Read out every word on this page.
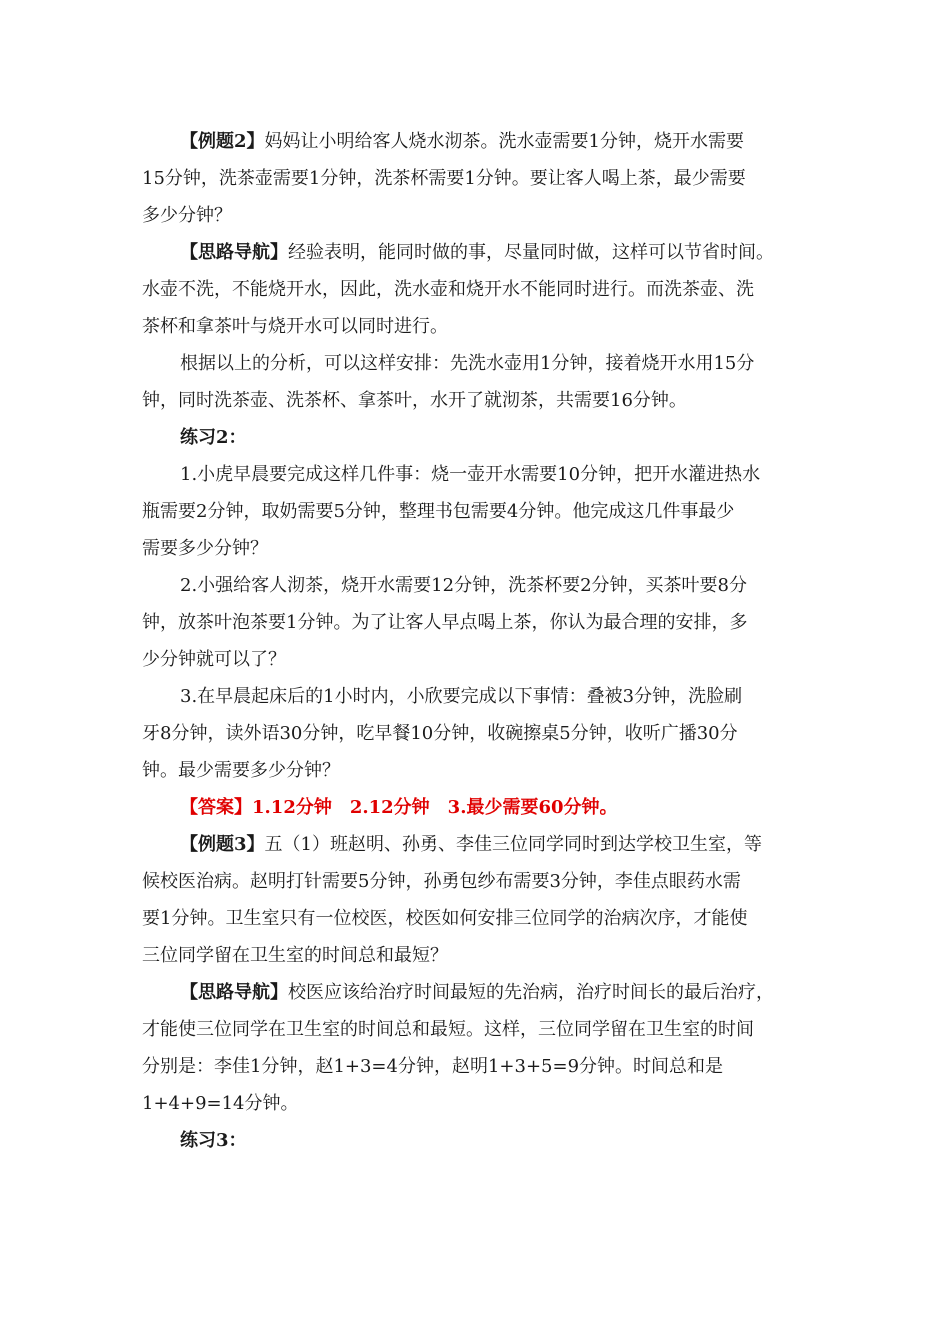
【例题2】妈妈让小明给客人烧水沏茶。洗水壶需要1分钟，烧开水需要
15分钟，洗茶壶需要1分钟，洗茶杯需要1分钟。要让客人喝上茶，最少需要
多少分钟？

【思路导航】经验表明，能同时做的事，尽量同时做，这样可以节省时间。
水壶不洗，不能烧开水，因此，洗水壶和烧开水不能同时进行。而洗茶壶、洗
茶杯和拿茶叶与烧开水可以同时进行。

根据以上的分析，可以这样安排：先洗水壶用1分钟，接着烧开水用15分
钟，同时洗茶壶、洗茶杯、拿茶叶，水开了就沏茶，共需要16分钟。

练习2：

1.小虎早晨要完成这样几件事：烧一壶开水需要10分钟，把开水灌进热水
瓶需要2分钟，取奶需要5分钟，整理书包需要4分钟。他完成这几件事最少
需要多少分钟？

2.小强给客人沏茶，烧开水需要12分钟，洗茶杯要2分钟，买茶叶要8分
钟，放茶叶泡茶要1分钟。为了让客人早点喝上茶，你认为最合理的安排，多
少分钟就可以了？

3.在早晨起床后的1小时内，小欣要完成以下事情：叠被3分钟，洗脸刷
牙8分钟，读外语30分钟，吃早餐10分钟，收碗擦桌5分钟，收听广播30分
钟。最少需要多少分钟？

【答案】1.12分钟　2.12分钟　3.最少需要60分钟。

【例题3】五（1）班赵明、孙勇、李佳三位同学同时到达学校卫生室，等
候校医治病。赵明打针需要5分钟，孙勇包纱布需要3分钟，李佳点眼药水需
要1分钟。卫生室只有一位校医，校医如何安排三位同学的治病次序，才能使
三位同学留在卫生室的时间总和最短？

【思路导航】校医应该给治疗时间最短的先治病，治疗时间长的最后治疗，
才能使三位同学在卫生室的时间总和最短。这样，三位同学留在卫生室的时间
分别是：李佳1分钟，赵1+3=4分钟，赵明1+3+5=9分钟。时间总和是
1+4+9=14分钟。

练习3：
